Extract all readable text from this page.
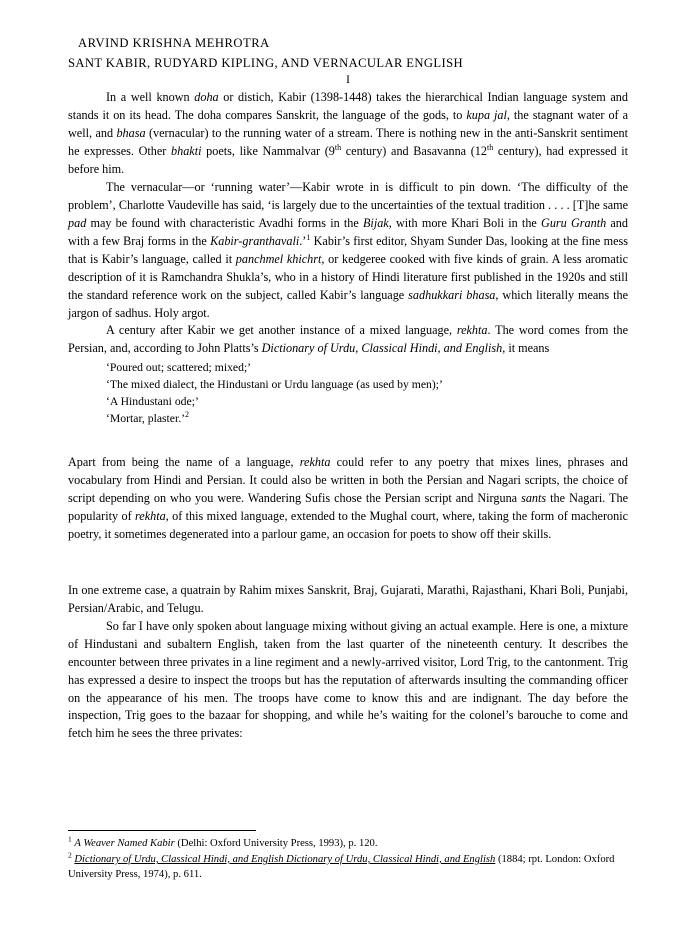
ARVIND KRISHNA MEHROTRA
SANT KABIR, RUDYARD KIPLING, AND VERNACULAR ENGLISH
I

In a well known doha or distich, Kabir (1398-1448) takes the hierarchical Indian language system and stands it on its head. The doha compares Sanskrit, the language of the gods, to kupa jal, the stagnant water of a well, and bhasa (vernacular) to the running water of a stream. There is nothing new in the anti-Sanskrit sentiment he expresses. Other bhakti poets, like Nammalvar (9th century) and Basavanna (12th century), had expressed it before him.

The vernacular—or ‘running water’—Kabir wrote in is difficult to pin down. ‘The difficulty of the problem’, Charlotte Vaudeville has said, ‘is largely due to the uncertainties of the textual tradition . . . . [T]he same pad may be found with characteristic Avadhi forms in the Bijak, with more Khari Boli in the Guru Granth and with a few Braj forms in the Kabir-granthavali.’$^1$ Kabir’s first editor, Shyam Sunder Das, looking at the fine mess that is Kabir’s language, called it panchmel khichrt, or kedgeree cooked with five kinds of grain. A less aromatic description of it is Ramchandra Shukla’s, who in a history of Hindi literature first published in the 1920s and still the standard reference work on the subject, called Kabir’s language sadhukkari bhasa, which literally means the jargon of sadhus. Holy argot.

A century after Kabir we get another instance of a mixed language, rekhta. The word comes from the Persian, and, according to John Platts’s Dictionary of Urdu, Classical Hindi, and English, it means

‘Poured out; scattered; mixed;’
‘The mixed dialect, the Hindustani or Urdu language (as used by men);’
‘A Hindustani ode;’
‘Mortar, plaster.’$^2$

Apart from being the name of a language, rekhta could refer to any poetry that mixes lines, phrases and vocabulary from Hindi and Persian. It could also be written in both the Persian and Nagari scripts, the choice of script depending on who you were. Wandering Sufis chose the Persian script and Nirguna sants the Nagari. The popularity of rekhta, of this mixed language, extended to the Mughal court, where, taking the form of macheronic poetry, it sometimes degenerated into a parlour game, an occasion for poets to show off their skills.

In one extreme case, a quatrain by Rahim mixes Sanskrit, Braj, Gujarati, Marathi, Rajasthani, Khari Boli, Punjabi, Persian/Arabic, and Telugu.

So far I have only spoken about language mixing without giving an actual example. Here is one, a mixture of Hindustani and subaltern English, taken from the last quarter of the nineteenth century. It describes the encounter between three privates in a line regiment and a newly-arrived visitor, Lord Trig, to the cantonment. Trig has expressed a desire to inspect the troops but has the reputation of afterwards insulting the commanding officer on the appearance of his men. The troops have come to know this and are indignant. The day before the inspection, Trig goes to the bazaar for shopping, and while he’s waiting for the colonel’s barouche to come and fetch him he sees the three privates:

$^1$ A Weaver Named Kabir (Delhi: Oxford University Press, 1993), p. 120.
$^2$ Dictionary of Urdu, Classical Hindi, and English Dictionary of Urdu, Classical Hindi, and English (1884; rpt. London: Oxford University Press, 1974), p. 611.
